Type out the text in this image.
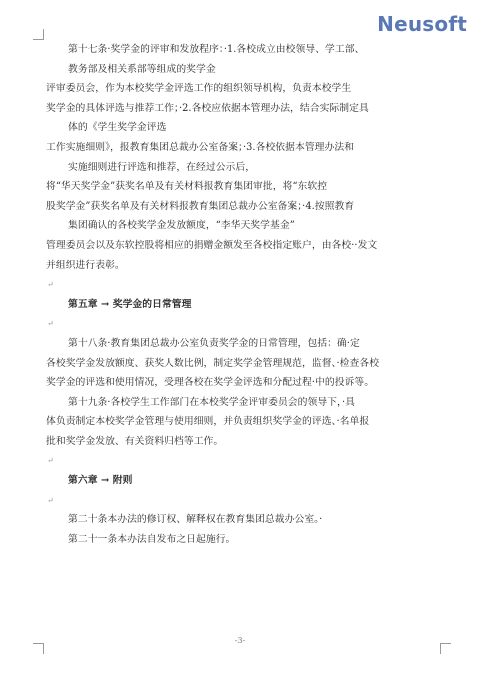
Neusoft
第十七条·奖学金的评审和发放程序：·1.各校成立由校领导、学工部、
教务部及相关系部等组成的奖学金
评审委员会，作为本校奖学金评选工作的组织领导机构，负责本校学生
奖学金的具体评选与推荐工作；·2.各校应依据本管理办法，结合实际制定具
体的《学生奖学金评选
工作实施细则》，报教育集团总裁办公室备案；·3.各校依据本管理办法和
实施细则进行评选和推荐，在经过公示后，
将“华天奖学金”获奖名单及有关材料报教育集团审批，将“东软控
股奖学金”获奖名单及有关材料报教育集团总裁办公室备案；·4.按照教育
集团确认的各校奖学金发放额度，“李华天奖学基金”
管理委员会以及东软控股将相应的捐赠金额发至各校指定账户，由各校··发文
并组织进行表彰。
↵
第五章 → 奖学金的日常管理
↵
第十八条·教育集团总裁办公室负责奖学金的日常管理，包括：确·定
各校奖学金发放额度、获奖人数比例，制定奖学金管理规范，监督、·检查各校
奖学金的评选和使用情况，受理各校在奖学金评选和分配过程·中的投诉等。
第十九条·各校学生工作部门在本校奖学金评审委员会的领导下，·具
体负责制定本校奖学金管理与使用细则，并负责组织奖学金的评选、·名单报
批和奖学金发放、有关资料归档等工作。
↵
第六章 → 附则
↵
第二十条本办法的修订权、解释权在教育集团总裁办公室。·
第二十一条本办法自发布之日起施行。
-3-
